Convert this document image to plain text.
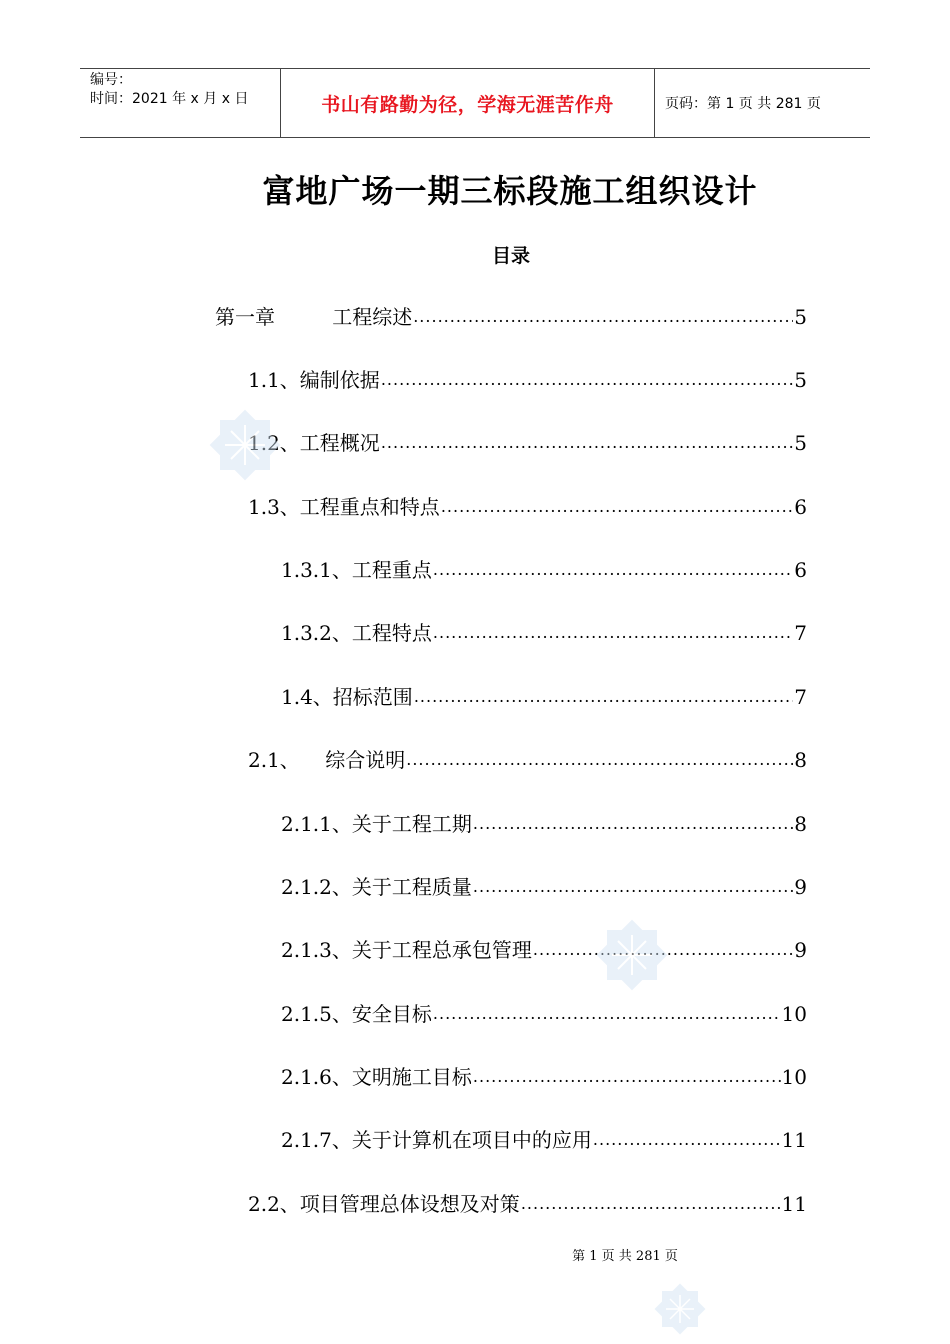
编号：
时间：2021 年 x 月 x 日	书山有路勤为径，学海无涯苦作舟	页码：第 1 页 共 281 页
富地广场一期三标段施工组织设计
目录
第一章         工程综述 .....	5
1.1、编制依据 .....	5
1.2、工程概况 .....	5
1.3、工程重点和特点 .....	6
1.3.1、工程重点 .....	6
1.3.2、工程特点 .....	7
1.4、招标范围 .....	7
2.1、    综合说明 .....	8
2.1.1、关于工程工期 .....	8
2.1.2、关于工程质量 .....	9
2.1.3、关于工程总承包管理 .....	9
2.1.5、安全目标 .....	10
2.1.6、文明施工目标 .....	10
2.1.7、关于计算机在项目中的应用 .....	11
2.2、项目管理总体设想及对策 .....	11
第 1 页 共 281 页
